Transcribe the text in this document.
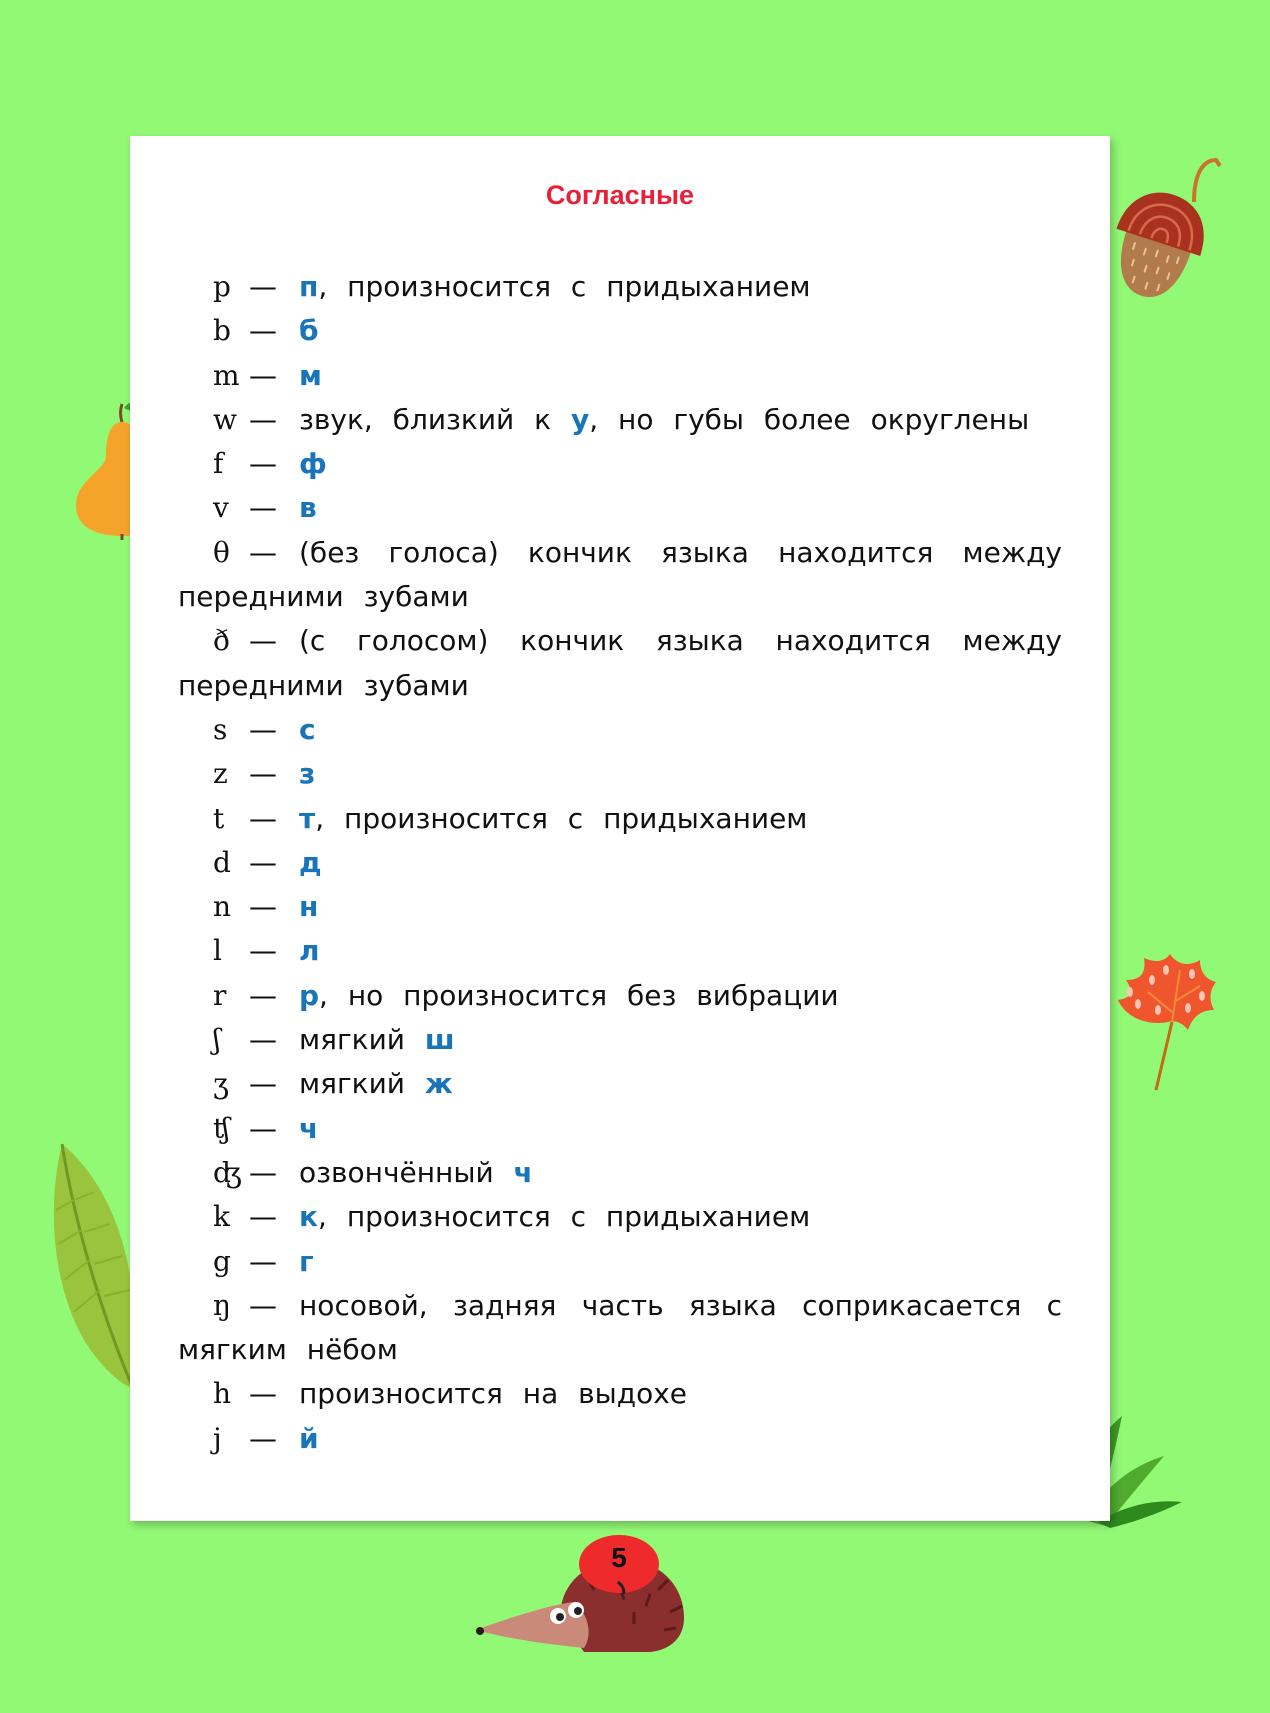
5
Согласные
p — п, произносится с придыханием
b — б
m — м
w — звук, близкий к у, но губы более округлены
f — ф
v — в
θ — (без голоса) кончик языка находится между передними зубами
ð — (с голосом) кончик языка находится между передними зубами
s — с
z — з
t — т, произносится с придыханием
d — д
n — н
l — л
r — р, но произносится без вибрации
ʃ — мягкий ш
ʒ — мягкий ж
ʧ — ч
ʤ — озвончённый ч
k — к, произносится с придыханием
g — г
ŋ — носовой, задняя часть языка соприкасается с мягким нёбом
h — произносится на выдохе
j — й
